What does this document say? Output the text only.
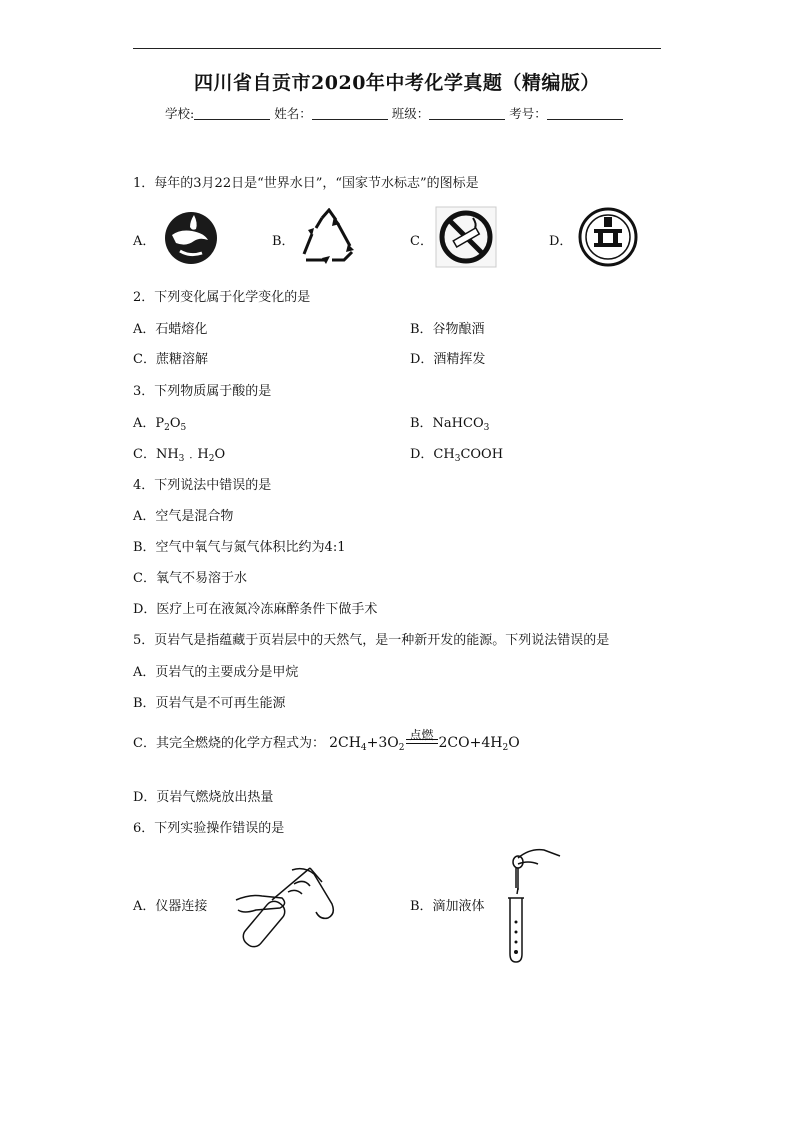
四川省自贡市2020年中考化学真题（精编版）
学校:	姓名：	班级：	考号：
1．每年的3月22日是“世界水日”，“国家节水标志”的图标是
A．	B．	C．	D．
2．下列变化属于化学变化的是
A．石蜡熔化	B．谷物酿酒
C．蔗糖溶解	D．酒精挥发
3．下列物质属于酸的是
A．$P_2O_5$	B．NaHCO$_3$
C．$NH_3﹒H_2O$	D．$CH_3COOH$
4．下列说法中错误的是
A．空气是混合物
B．空气中氧气与氮气体积比约为4:1
C．氧气不易溶于水
D．医疗上可在液氮冷冻麻醉条件下做手术
5．页岩气是指蕴藏于页岩层中的天然气，是一种新开发的能源。下列说法错误的是
A．页岩气的主要成分是甲烷
B．页岩气是不可再生能源
C．其完全燃烧的化学方程式为： $2CH_4+3O_2$
点燃 $2CO+4H_2O$
D．页岩气燃烧放出热量
6．下列实验操作错误的是
A．仪器连接	B．滴加液体
